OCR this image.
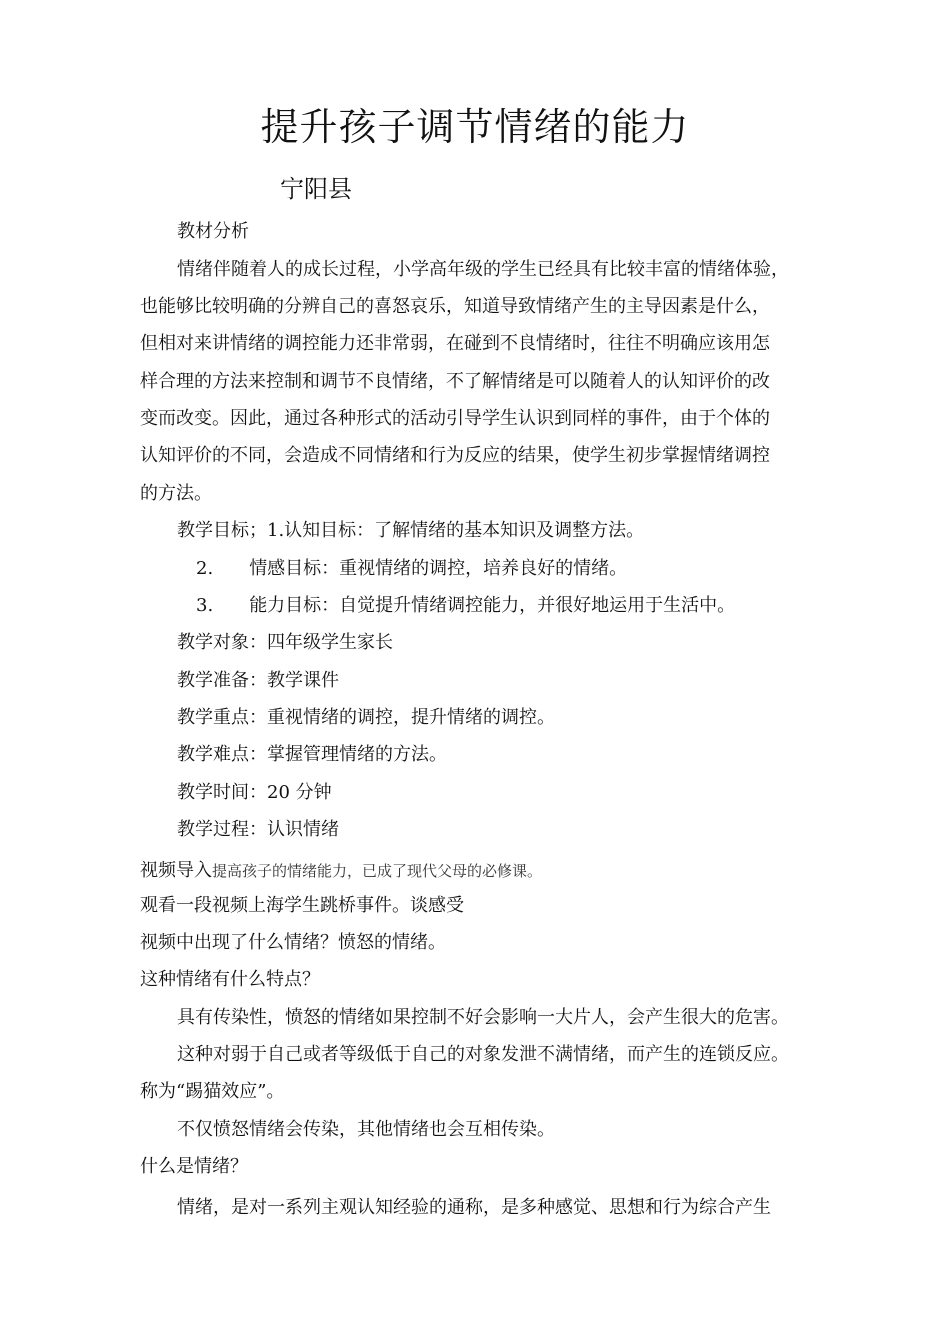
提升孩子调节情绪的能力
宁阳县
教材分析
情绪伴随着人的成长过程，小学高年级的学生已经具有比较丰富的情绪体验，
也能够比较明确的分辨自己的喜怒哀乐，知道导致情绪产生的主导因素是什么，
但相对来讲情绪的调控能力还非常弱，在碰到不良情绪时，往往不明确应该用怎
样合理的方法来控制和调节不良情绪，不了解情绪是可以随着人的认知评价的改
变而改变。因此，通过各种形式的活动引导学生认识到同样的事件，由于个体的
认知评价的不同，会造成不同情绪和行为反应的结果，使学生初步掌握情绪调控
的方法。
教学目标；1.认知目标：了解情绪的基本知识及调整方法。
2. 情感目标：重视情绪的调控，培养良好的情绪。
3. 能力目标：自觉提升情绪调控能力，并很好地运用于生活中。
教学对象：四年级学生家长
教学准备：教学课件
教学重点：重视情绪的调控，提升情绪的调控。
教学难点：掌握管理情绪的方法。
教学时间：20 分钟
教学过程：认识情绪
视频导入提高孩子的情绪能力，已成了现代父母的必修课。
观看一段视频上海学生跳桥事件。谈感受
视频中出现了什么情绪？愤怒的情绪。
这种情绪有什么特点？
具有传染性，愤怒的情绪如果控制不好会影响一大片人，会产生很大的危害。
这种对弱于自己或者等级低于自己的对象发泄不满情绪，而产生的连锁反应。
称为“踢猫效应”。
不仅愤怒情绪会传染，其他情绪也会互相传染。
什么是情绪？
情绪，是对一系列主观认知经验的通称，是多种感觉、思想和行为综合产生
